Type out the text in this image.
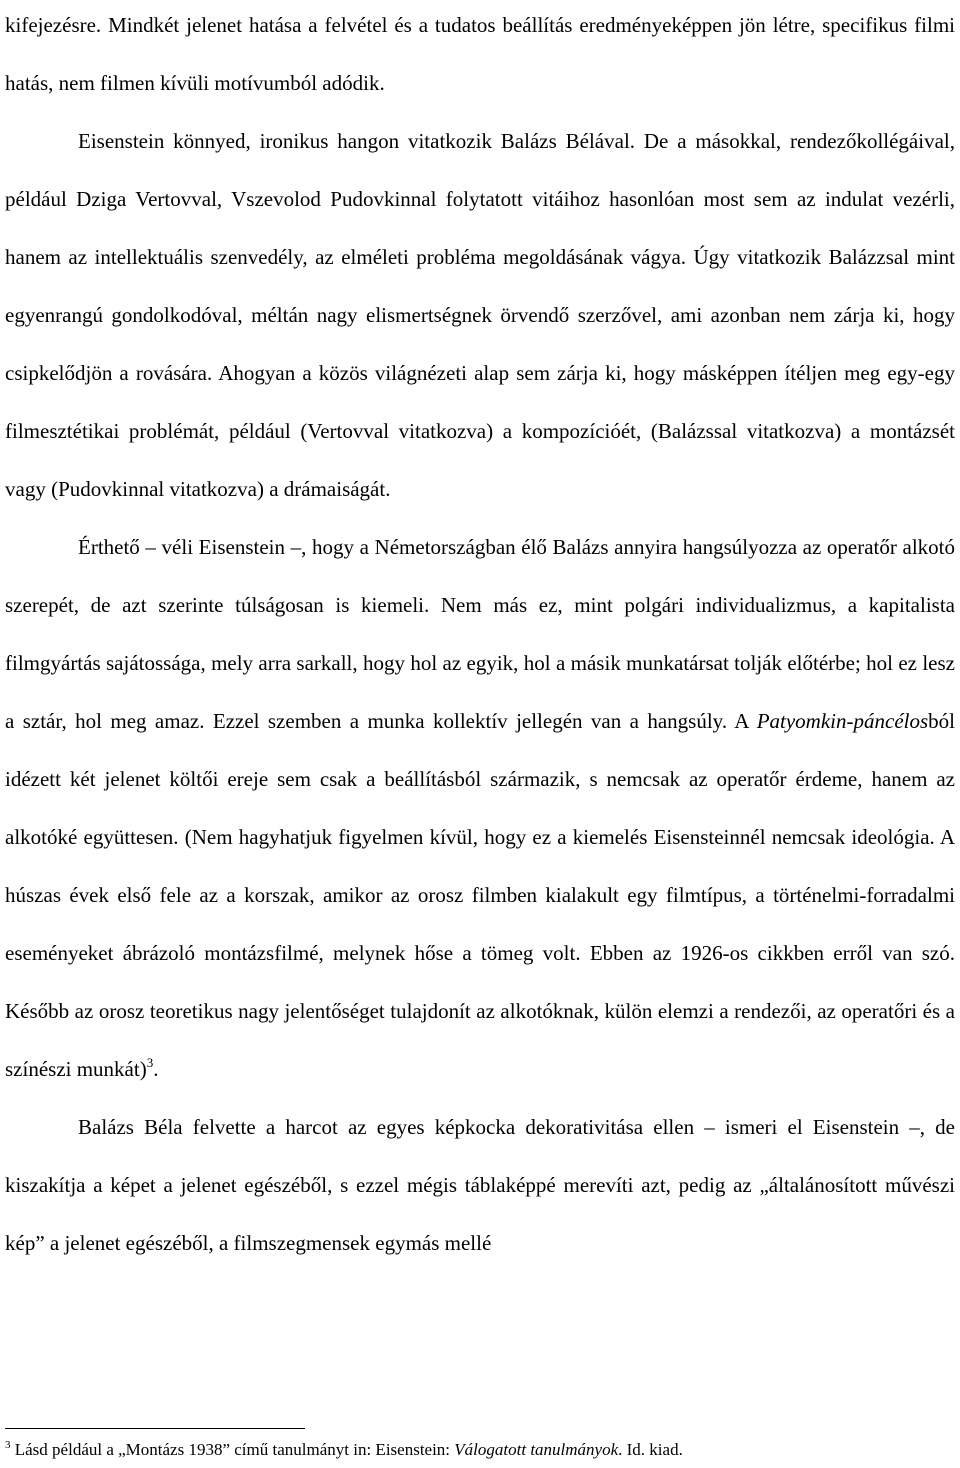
kifejezésre. Mindkét jelenet hatása a felvétel és a tudatos beállítás eredményeképpen jön létre, specifikus filmi hatás, nem filmen kívüli motívumból adódik.

Eisenstein könnyed, ironikus hangon vitatkozik Balázs Bélával. De a másokkal, rendezőkollégáival, például Dziga Vertovval, Vszevolod Pudovkinnal folytatott vitáihoz hasonlóan most sem az indulat vezérli, hanem az intellektuális szenvedély, az elméleti probléma megoldásának vágya. Úgy vitatkozik Balázzsal mint egyenrangú gondolkodóval, méltán nagy elismertségnek örvendő szerzővel, ami azonban nem zárja ki, hogy csipkelődjön a rovására. Ahogyan a közös világnézeti alap sem zárja ki, hogy másképpen ítéljen meg egy-egy filmesztétikai problémát, például (Vertovval vitatkozva) a kompozícióét, (Balázssal vitatkozva) a montázsét vagy (Pudovkinnal vitatkozva) a drámaiságát.

Érthető – véli Eisenstein –, hogy a Németországban élő Balázs annyira hangsúlyozza az operatőr alkotó szerepét, de azt szerinte túlságosan is kiemeli. Nem más ez, mint polgári individualizmus, a kapitalista filmgyártás sajátossága, mely arra sarkall, hogy hol az egyik, hol a másik munkatársat tolják előtérbe; hol ez lesz a sztár, hol meg amaz. Ezzel szemben a munka kollektív jellegén van a hangsúly. A Patyomkin-páncélosból idézett két jelenet költői ereje sem csak a beállításból származik, s nemcsak az operatőr érdeme, hanem az alkotóké együttesen. (Nem hagyhatjuk figyelmen kívül, hogy ez a kiemelés Eisensteinnél nemcsak ideológia. A húszas évek első fele az a korszak, amikor az orosz filmben kialakult egy filmtípus, a történelmi-forradalmi eseményeket ábrázoló montázsfilmé, melynek hőse a tömeg volt. Ebben az 1926-os cikkben erről van szó. Később az orosz teoretikus nagy jelentőséget tulajdonít az alkotóknak, külön elemzi a rendezői, az operatőri és a színészi munkát)$^3$.

Balázs Béla felvette a harcot az egyes képkocka dekorativitása ellen – ismeri el Eisenstein –, de kiszakítja a képet a jelenet egészéből, s ezzel mégis táblaképpé merevíti azt, pedig az „általánosított művészi kép” a jelenet egészéből, a filmszegmensek egymás mellé

$^3$ Lásd például a „Montázs 1938” című tanulmányt in: Eisenstein: Válogatott tanulmányok. Id. kiad.
